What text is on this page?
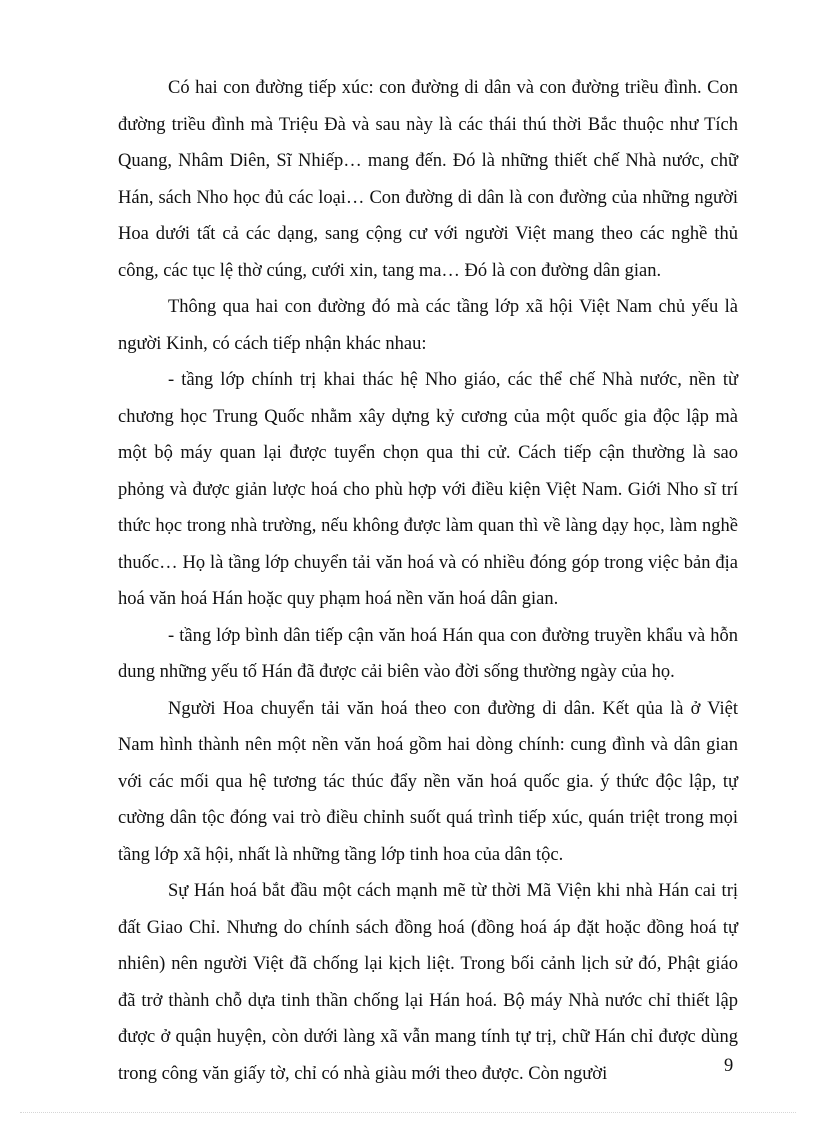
Có hai con đường tiếp xúc: con đường di dân và con đường triều đình. Con đường triều đình mà Triệu Đà và sau này là các thái thú thời Bắc thuộc như Tích Quang, Nhâm Diên, Sĩ Nhiếp… mang đến. Đó là những thiết chế Nhà nước, chữ Hán, sách Nho học đủ các loại… Con đường di dân là con đường của những người Hoa dưới tất cả các dạng, sang cộng cư với người Việt mang theo các nghề thủ công, các tục lệ thờ cúng, cưới xin, tang ma… Đó là con đường dân gian.

Thông qua hai con đường đó mà các tầng lớp xã hội Việt Nam chủ yếu là người Kinh, có cách tiếp nhận khác nhau:

- tầng lớp chính trị khai thác hệ Nho giáo, các thể chế Nhà nước, nền từ chương học Trung Quốc nhằm xây dựng kỷ cương của một quốc gia độc lập mà một bộ máy quan lại được tuyển chọn qua thi cử. Cách tiếp cận thường là sao phỏng và được giản lược hoá cho phù hợp với điều kiện Việt Nam. Giới Nho sĩ trí thức học trong nhà trường, nếu không được làm quan thì về làng dạy học, làm nghề thuốc… Họ là tầng lớp chuyển tải văn hoá và có nhiều đóng góp trong việc bản địa hoá văn hoá Hán hoặc quy phạm hoá nền văn hoá dân gian.

- tầng lớp bình dân tiếp cận văn hoá Hán qua con đường truyền khẩu và hỗn dung những yếu tố Hán đã được cải biên vào đời sống thường ngày của họ.

Người Hoa chuyển tải văn hoá theo con đường di dân. Kết qủa là ở Việt Nam hình thành nên một nền văn hoá gồm hai dòng chính: cung đình và dân gian với các mối qua hệ tương tác thúc đẩy nền văn hoá quốc gia. ý thức độc lập, tự cường dân tộc đóng vai trò điều chỉnh suốt quá trình tiếp xúc, quán triệt trong mọi tầng lớp xã hội, nhất là những tầng lớp tinh hoa của dân tộc.

Sự Hán hoá bắt đầu một cách mạnh mẽ từ thời Mã Viện khi nhà Hán cai trị đất Giao Chỉ. Nhưng do chính sách đồng hoá (đồng hoá áp đặt hoặc đồng hoá tự nhiên) nên người Việt đã chống lại kịch liệt. Trong bối cảnh lịch sử đó, Phật giáo đã trở thành chỗ dựa tinh thần chống lại Hán hoá. Bộ máy Nhà nước chỉ thiết lập được ở quận huyện, còn dưới làng xã vẫn mang tính tự trị, chữ Hán chỉ được dùng trong công văn giấy tờ, chỉ có nhà giàu mới theo được. Còn người	9
